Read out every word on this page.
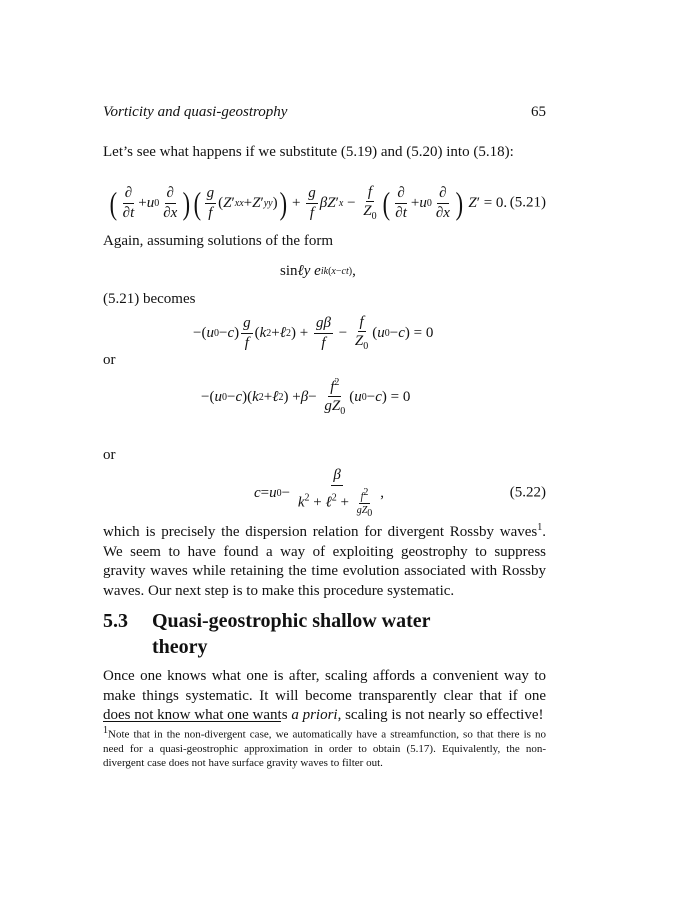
Vorticity and quasi-geostrophy	65
Let’s see what happens if we substitute (5.19) and (5.20) into (5.18):
( $\frac{\partial}{\partial t} + u$ $0 \frac{\partial}{\partial x}$ ) ( $\frac{g}{f}$ ( Z ′ xx + Z ′ yy ) ) + $\frac{g}{f}$ βZ ′ $x - \frac{f}{Z_0}$ ( $\frac{\partial}{\partial t} + u$ $0 \frac{\partial}{\partial x}$ )
Z ′ = 0. (5.21)
Again, assuming solutions of the form
sin ℓy
e ik(x−ct) ,
(5.21) becomes
−( u 0 − c ) $\frac{g}{f}$ ( k 2 + ℓ 2 ) + $\frac{g\beta}{f} - \frac{f}{Z_0}$ ( u 0 − c ) = 0
or
−( u 0 − c )( k 2 + ℓ 2 ) + $\beta - \frac{f^2}{gZ_0}$ ( u 0 − c ) = 0
or
c = u $0 - \frac{\beta}{k^2 + \ell^2 + \frac{f^2}{gZ_0}}$ ,	(5.22)
which is precisely the dispersion relation for divergent Rossby waves$^1$. We seem to have found a way of exploiting geostrophy to suppress gravity waves while retaining the time evolution associated with Rossby waves. Our next step is to make this procedure systematic.
5.3 Quasi-geostrophic shallow water theory
Once one knows what one is after, scaling affords a convenient way to make things systematic. It will become transparently clear that if one does not know what one wants a priori, scaling is not nearly so effective!
$^1$Note that in the non-divergent case, we automatically have a streamfunction, so that there is no need for a quasi-geostrophic approximation in order to obtain (5.17). Equivalently, the non-divergent case does not have surface gravity waves to filter out.
